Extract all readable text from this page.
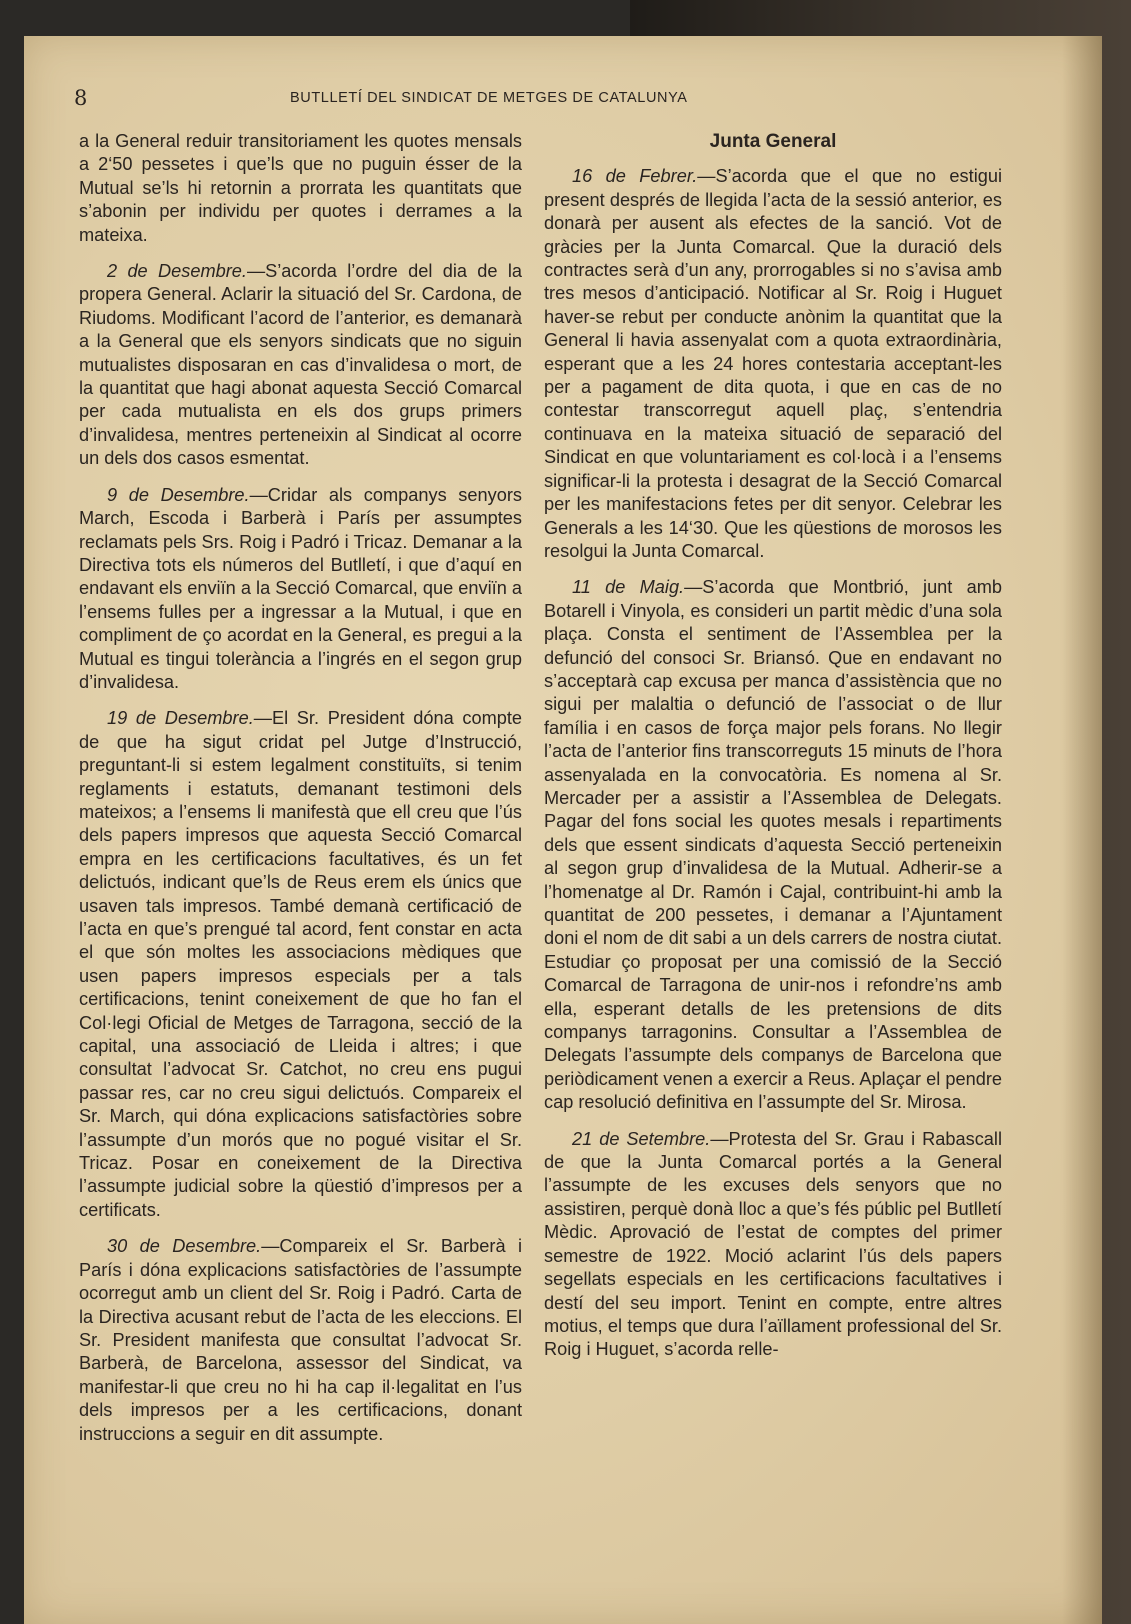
8	BUTLLETÍ DEL SINDICAT DE METGES DE CATALUNYA

a la General reduir transitoriament les quotes mensals a 2‘50 pessetes i que’ls que no puguin ésser de la Mutual se’ls hi retornin a prorrata les quantitats que s’abonin per individu per quotes i derrames a la mateixa.

2 de Desembre.—S’acorda l’ordre del dia de la propera General. Aclarir la situació del Sr. Cardona, de Riudoms. Modificant l’acord de l’anterior, es demanarà a la General que els senyors sindicats que no siguin mutualistes disposaran en cas d’invalidesa o mort, de la quantitat que hagi abonat aquesta Secció Comarcal per cada mutualista en els dos grups primers d’invalidesa, mentres perteneixin al Sindicat al ocorre un dels dos casos esmentat.

9 de Desembre.—Cridar als companys senyors March, Escoda i Barberà i París per assumptes reclamats pels Srs. Roig i Padró i Tricaz. Demanar a la Directiva tots els números del Butlletí, i que d’aquí en endavant els enviïn a la Secció Comarcal, que enviïn a l’ensems fulles per a ingressar a la Mutual, i que en compliment de ço acordat en la General, es pregui a la Mutual es tingui tolerància a l’ingrés en el segon grup d’invalidesa.

19 de Desembre.—El Sr. President dóna compte de que ha sigut cridat pel Jutge d’Instrucció, preguntant-li si estem legalment constituïts, si tenim reglaments i estatuts, demanant testimoni dels mateixos; a l’ensems li manifestà que ell creu que l’ús dels papers impresos que aquesta Secció Comarcal empra en les certificacions facultatives, és un fet delictuós, indicant que’ls de Reus erem els únics que usaven tals impresos. També demanà certificació de l’acta en que’s prengué tal acord, fent constar en acta el que són moltes les associacions mèdiques que usen papers impresos especials per a tals certificacions, tenint coneixement de que ho fan el Col·legi Oficial de Metges de Tarragona, secció de la capital, una associació de Lleida i altres; i que consultat l’advocat Sr. Catchot, no creu ens pugui passar res, car no creu sigui delictuós. Compareix el Sr. March, qui dóna explicacions satisfactòries sobre l’assumpte d’un morós que no pogué visitar el Sr. Tricaz. Posar en coneixement de la Directiva l’assumpte judicial sobre la qüestió d’impresos per a certificats.

30 de Desembre.—Compareix el Sr. Barberà i París i dóna explicacions satisfactòries de l’assumpte ocorregut amb un client del Sr. Roig i Padró. Carta de la Directiva acusant rebut de l’acta de les eleccions. El Sr. President manifesta que consultat l’advocat Sr. Barberà, de Barcelona, assessor del Sindicat, va manifestar-li que creu no hi ha cap il·legalitat en l’us dels impresos per a les certificacions, donant instruccions a seguir en dit assumpte.

Junta General

16 de Febrer.—S’acorda que el que no estigui present després de llegida l’acta de la sessió anterior, es donarà per ausent als efectes de la sanció. Vot de gràcies per la Junta Comarcal. Que la duració dels contractes serà d’un any, prorrogables si no s’avisa amb tres mesos d’anticipació. Notificar al Sr. Roig i Huguet haver-se rebut per conducte anònim la quantitat que la General li havia assenyalat com a quota extraordinària, esperant que a les 24 hores contestaria acceptant-les per a pagament de dita quota, i que en cas de no contestar transcorregut aquell plaç, s’entendria continuava en la mateixa situació de separació del Sindicat en que voluntariament es col·locà i a l’ensems significar-li la protesta i desagrat de la Secció Comarcal per les manifestacions fetes per dit senyor. Celebrar les Generals a les 14‘30. Que les qüestions de morosos les resolgui la Junta Comarcal.

11 de Maig.—S’acorda que Montbrió, junt amb Botarell i Vinyola, es consideri un partit mèdic d’una sola plaça. Consta el sentiment de l’Assemblea per la defunció del consoci Sr. Briansó. Que en endavant no s’acceptarà cap excusa per manca d’assistència que no sigui per malaltia o defunció de l’associat o de llur família i en casos de força major pels forans. No llegir l’acta de l’anterior fins transcorreguts 15 minuts de l’hora assenyalada en la convocatòria. Es nomena al Sr. Mercader per a assistir a l’Assemblea de Delegats. Pagar del fons social les quotes mesals i repartiments dels que essent sindicats d’aquesta Secció perteneixin al segon grup d’invalidesa de la Mutual. Adherir-se a l’homenatge al Dr. Ramón i Cajal, contribuint-hi amb la quantitat de 200 pessetes, i demanar a l’Ajuntament doni el nom de dit sabi a un dels carrers de nostra ciutat. Estudiar ço proposat per una comissió de la Secció Comarcal de Tarragona de unir-nos i refondre’ns amb ella, esperant detalls de les pretensions de dits companys tarragonins. Consultar a l’Assemblea de Delegats l’assumpte dels companys de Barcelona que periòdicament venen a exercir a Reus. Aplaçar el pendre cap resolució definitiva en l’assumpte del Sr. Mirosa.

21 de Setembre.—Protesta del Sr. Grau i Rabascall de que la Junta Comarcal portés a la General l’assumpte de les excuses dels senyors que no assistiren, perquè donà lloc a que’s fés públic pel Butlletí Mèdic. Aprovació de l’estat de comptes del primer semestre de 1922. Moció aclarint l’ús dels papers segellats especials en les certificacions facultatives i destí del seu import. Tenint en compte, entre altres motius, el temps que dura l’aïllament professional del Sr. Roig i Huguet, s’acorda relle-
